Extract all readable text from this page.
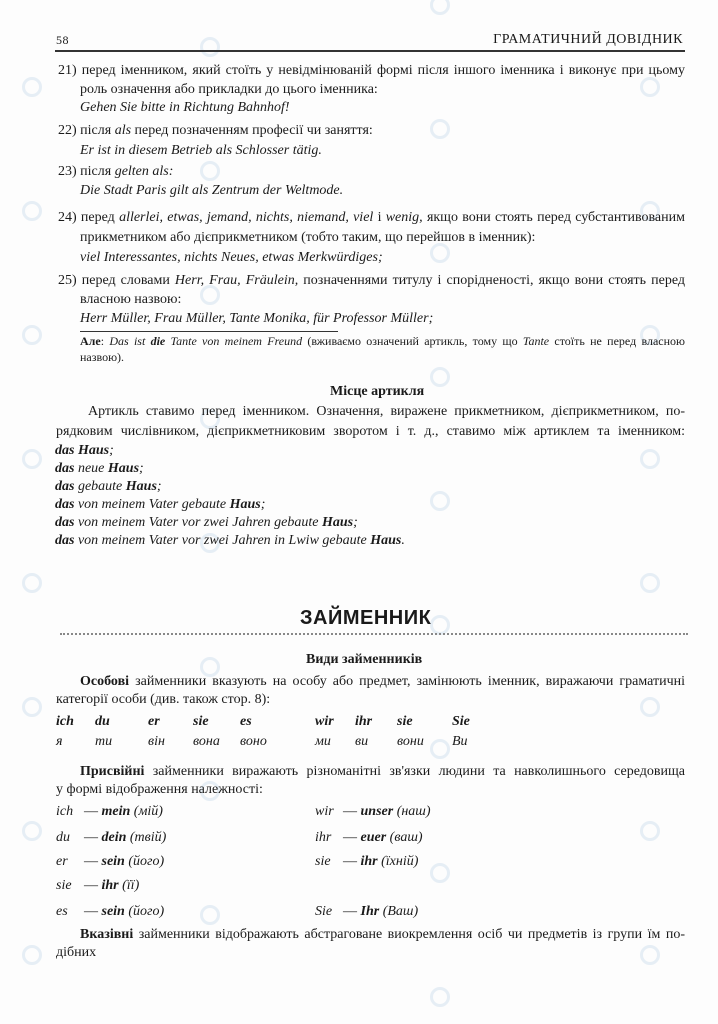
58	ГРАМАТИЧНИЙ ДОВІДНИК
21) перед іменником, який стоїть у невідмінюваній формі після іншого іменника і виконує при цьому
роль означення або прикладки до цього іменника:
Gehen Sie bitte in Richtung Bahnhof!
22) після als перед позначенням професії чи заняття:
Er ist in diesem Betrieb als Schlosser tätig.
23) після gelten als:
Die Stadt Paris gilt als Zentrum der Weltmode.
24) перед allerlei, etwas, jemand, nichts, niemand, viel і wenig, якщо вони стоять перед субстантивованим
прикметником або дієприкметником (тобто таким, що перейшов в іменник):
viel Interessantes, nichts Neues, etwas Merkwürdiges;
25) перед словами Herr, Frau, Fräulein, позначеннями титулу і спорідненості, якщо вони стоять перед
власною назвою:
Herr Müller, Frau Müller, Tante Monika, für Professor Müller;
Але: Das ist die Tante von meinem Freund (вживаємо означений артикль, тому що Tante стоїть не перед власною
назвою).
Місце артикля
Артикль ставимо перед іменником. Означення, виражене прикметником, дієприкметником, по-
рядковим числівником, дієприкметниковим зворотом і т. д., ставимо між артиклем та іменником:
das Haus;
das neue Haus;
das gebaute Haus;
das von meinem Vater gebaute Haus;
das von meinem Vater vor zwei Jahren gebaute Haus;
das von meinem Vater vor zwei Jahren in Lwiw gebaute Haus.
ЗАЙМЕННИК
Види займенників
Особові займенники вказують на особу або предмет, замінюють іменник, виражаючи граматичні
категорії особи (див. також стор. 8):
Присвійні займенники виражають різноманітні зв'язки людини та навколишнього середовища
у формі відображення належності:
Вказівні займенники відображають абстраговане виокремлення осіб чи предметів із групи їм по-
дібних
ich
я
du
ти
er
він
sie
вона
es
воно
wir
ми
ihr
ви
sie
вони
Sie
Ви
ich — mein (мій)
du — dein (твій)
er — sein (його)
sie — ihr (її)
es — sein (його)
wir — unser (наш)
ihr — euer (ваш)
sie — ihr (їхній)
Sie — Ihr (Ваш)
